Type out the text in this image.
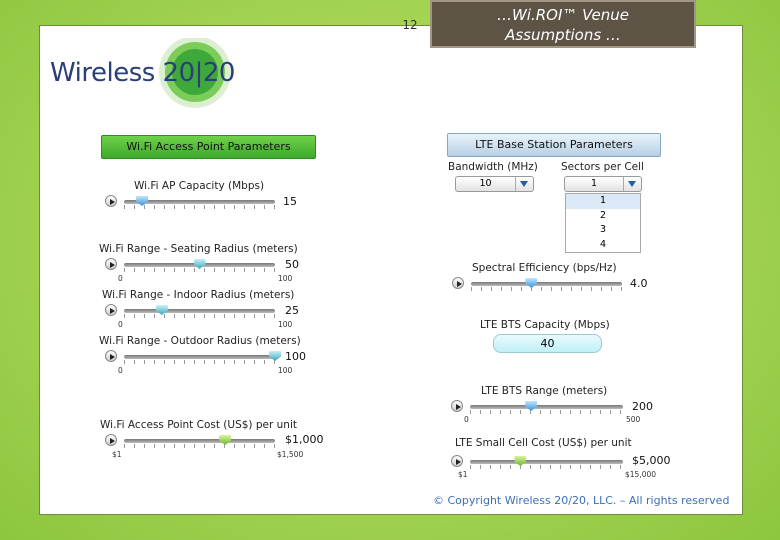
12
…Wi.ROI™ Venue
Assumptions …
Wireless 20|20
Wi.Fi Access Point Parameters
Wi.Fi AP Capacity (Mbps)
15
Wi.Fi Range - Seating Radius (meters)
50
0	100
Wi.Fi Range - Indoor Radius (meters)
25
0	100
Wi.Fi Range - Outdoor Radius (meters)
100
0	100
Wi.Fi Access Point Cost (US$) per unit
$1,000
$1	$1,500
LTE Base Station Parameters
Bandwidth (MHz)
10
Sectors per Cell
1
1
2
3
4
Spectral Efficiency (bps/Hz)
4.0
LTE BTS Capacity (Mbps)
40
LTE BTS Range (meters)
200
0	500
LTE Small Cell Cost (US$) per unit
$5,000
$1	$15,000
© Copyright Wireless 20/20, LLC. – All rights reserved
